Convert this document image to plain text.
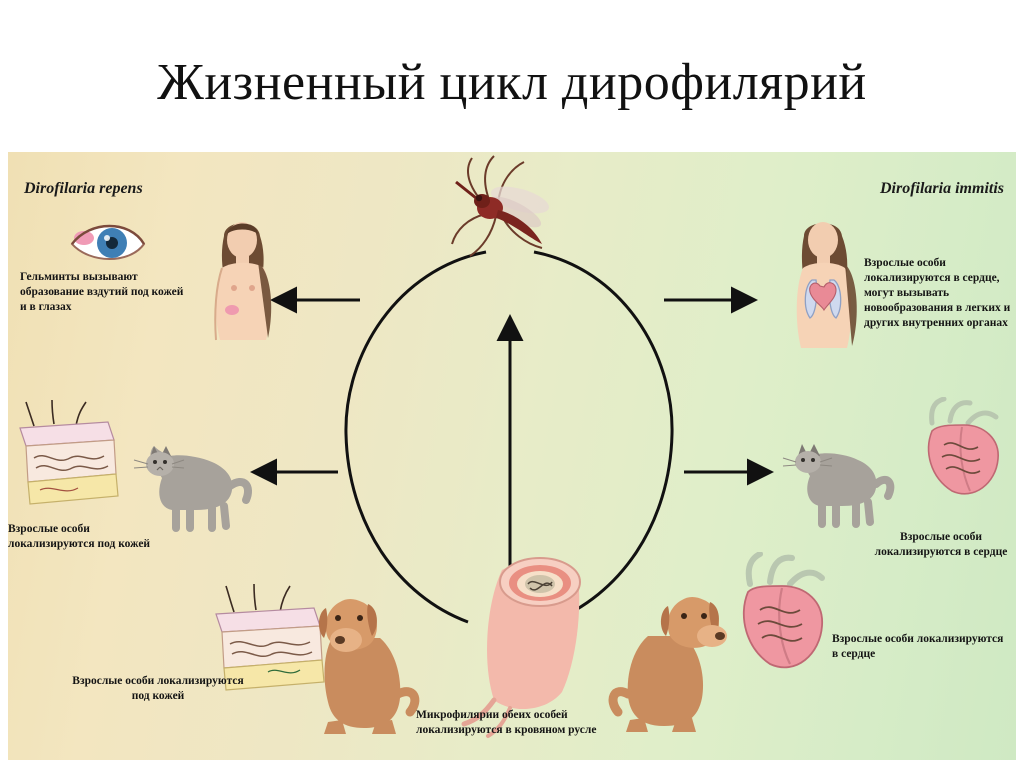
Жизненный цикл дирофилярий
Dirofilaria repens	Dirofilaria immitis
Гельминты вызывают образование вздутий под кожей и в глазах
Взрослые особи локализируются под кожей
Взрослые особи локализируются под кожей
Микрофилярии обеих особей локализируются в кровяном русле
Взрослые особи локализируются в сердце
Взрослые особи локализируются в сердце
Взрослые особи локализируются в сердце, могут вызывать новообразования в легких и других внутренних органах
